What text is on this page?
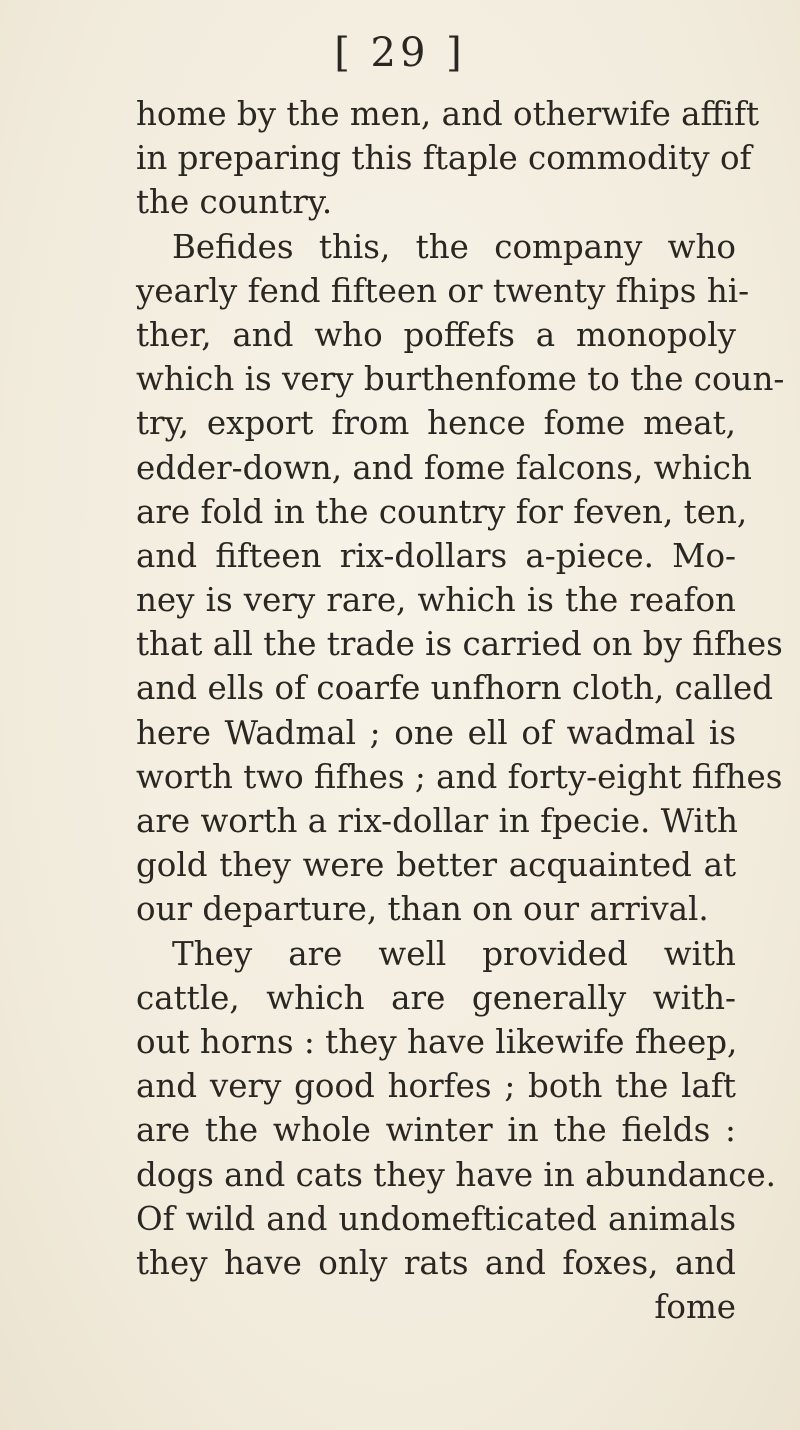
[ 29 ]
home by the men, and otherwife affift
in preparing this ftaple commodity of
the country.
Befides this, the company who
yearly fend fifteen or twenty fhips hi-
ther, and who poffefs a monopoly
which is very burthenfome to the coun-
try, export from hence fome meat,
edder-down, and fome falcons, which
are fold in the country for feven, ten,
and fifteen rix-dollars a-piece. Mo-
ney is very rare, which is the reafon
that all the trade is carried on by fifhes
and ells of coarfe unfhorn cloth, called
here Wadmal ; one ell of wadmal is
worth two fifhes ; and forty-eight fifhes
are worth a rix-dollar in fpecie. With
gold they were better acquainted at
our departure, than on our arrival.
They are well provided with
cattle, which are generally with-
out horns : they have likewife fheep,
and very good horfes ; both the laft
are the whole winter in the fields :
dogs and cats they have in abundance.
Of wild and undomefticated animals
they have only rats and foxes, and
fome
